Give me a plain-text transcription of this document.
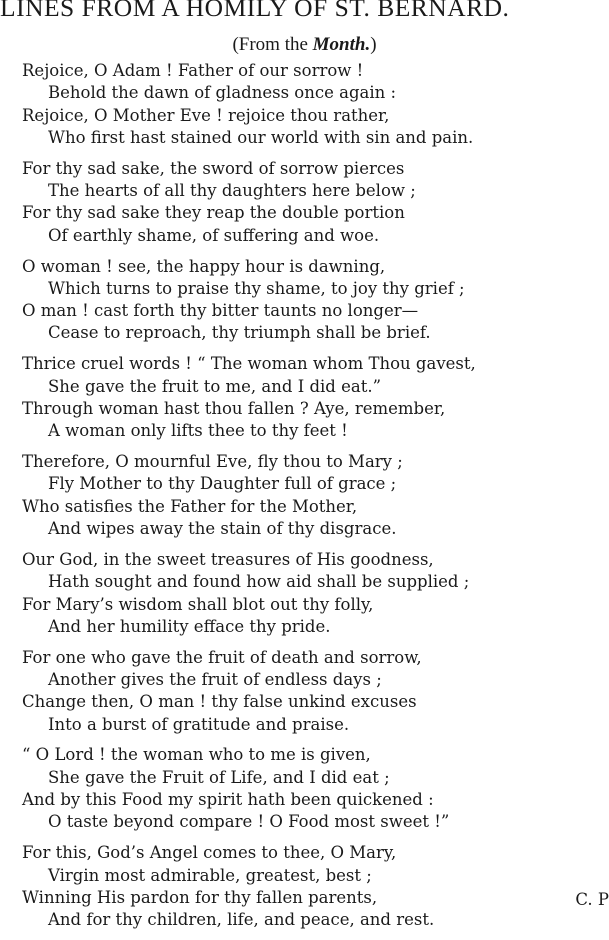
LINES FROM A HOMILY OF ST. BERNARD.
(From the Month.)
Rejoice, O Adam ! Father of our sorrow !
Behold the dawn of gladness once again :
Rejoice, O Mother Eve ! rejoice thou rather,
Who first hast stained our world with sin and pain.
For thy sad sake, the sword of sorrow pierces
The hearts of all thy daughters here below ;
For thy sad sake they reap the double portion
Of earthly shame, of suffering and woe.
O woman ! see, the happy hour is dawning,
Which turns to praise thy shame, to joy thy grief ;
O man ! cast forth thy bitter taunts no longer—
Cease to reproach, thy triumph shall be brief.
Thrice cruel words ! “ The woman whom Thou gavest,
She gave the fruit to me, and I did eat.”
Through woman hast thou fallen ? Aye, remember,
A woman only lifts thee to thy feet !
Therefore, O mournful Eve, fly thou to Mary ;
Fly Mother to thy Daughter full of grace ;
Who satisfies the Father for the Mother,
And wipes away the stain of thy disgrace.
Our God, in the sweet treasures of His goodness,
Hath sought and found how aid shall be supplied ;
For Mary’s wisdom shall blot out thy folly,
And her humility efface thy pride.
For one who gave the fruit of death and sorrow,
Another gives the fruit of endless days ;
Change then, O man ! thy false unkind excuses
Into a burst of gratitude and praise.
“ O Lord ! the woman who to me is given,
She gave the Fruit of Life, and I did eat ;
And by this Food my spirit hath been quickened :
O taste beyond compare ! O Food most sweet !”
For this, God’s Angel comes to thee, O Mary,
Virgin most admirable, greatest, best ;
Winning His pardon for thy fallen parents,
And for thy children, life, and peace, and rest.
C. P
